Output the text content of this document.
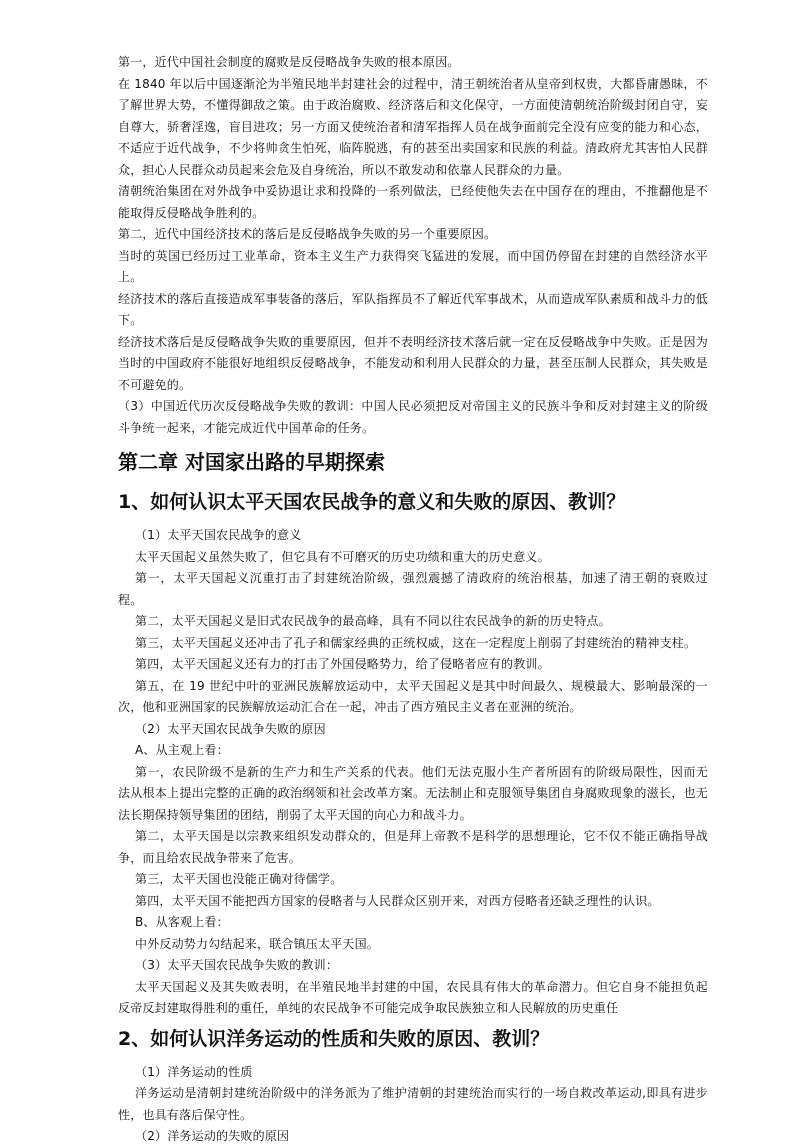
第一，近代中国社会制度的腐败是反侵略战争失败的根本原因。

在 1840 年以后中国逐渐沦为半殖民地半封建社会的过程中，清王朝统治者从皇帝到权贵，大都昏庸愚昧，不了解世界大势，不懂得御敌之策。由于政治腐败、经济落后和文化保守，一方面使清朝统治阶级封闭自守，妄自尊大，骄奢淫逸，盲目进攻；另一方面又使统治者和清军指挥人员在战争面前完全没有应变的能力和心态，不适应于近代战争，不少将帅贪生怕死，临阵脱逃，有的甚至出卖国家和民族的利益。清政府尤其害怕人民群众，担心人民群众动员起来会危及自身统治，所以不敢发动和依靠人民群众的力量。

清朝统治集团在对外战争中妥协退让求和投降的一系列做法，已经使他失去在中国存在的理由，不推翻他是不能取得反侵略战争胜利的。

第二，近代中国经济技术的落后是反侵略战争失败的另一个重要原因。

当时的英国已经历过工业革命，资本主义生产力获得突飞猛进的发展，而中国仍停留在封建的自然经济水平上。

经济技术的落后直接造成军事装备的落后，军队指挥员不了解近代军事战术，从而造成军队素质和战斗力的低下。

经济技术落后是反侵略战争失败的重要原因，但并不表明经济技术落后就一定在反侵略战争中失败。正是因为当时的中国政府不能很好地组织反侵略战争，不能发动和利用人民群众的力量，甚至压制人民群众，其失败是不可避免的。

（3）中国近代历次反侵略战争失败的教训：中国人民必须把反对帝国主义的民族斗争和反对封建主义的阶级斗争统一起来，才能完成近代中国革命的任务。

第二章 对国家出路的早期探索
1、如何认识太平天国农民战争的意义和失败的原因、教训？

（1）太平天国农民战争的意义

太平天国起义虽然失败了，但它具有不可磨灭的历史功绩和重大的历史意义。

第一，太平天国起义沉重打击了封建统治阶级，强烈震撼了清政府的统治根基，加速了清王朝的衰败过程。

第二，太平天国起义是旧式农民战争的最高峰，具有不同以往农民战争的新的历史特点。

第三，太平天国起义还冲击了孔子和儒家经典的正统权威，这在一定程度上削弱了封建统治的精神支柱。

第四，太平天国起义还有力的打击了外国侵略势力，给了侵略者应有的教训。

第五，在 19 世纪中叶的亚洲民族解放运动中，太平天国起义是其中时间最久、规模最大、影响最深的一次，他和亚洲国家的民族解放运动汇合在一起，冲击了西方殖民主义者在亚洲的统治。

（2）太平天国农民战争失败的原因

A、从主观上看：

第一，农民阶级不是新的生产力和生产关系的代表。他们无法克服小生产者所固有的阶级局限性，因而无法从根本上提出完整的正确的政治纲领和社会改革方案。无法制止和克服领导集团自身腐败现象的滋长，也无法长期保持领导集团的团结，削弱了太平天国的向心力和战斗力。

第二，太平天国是以宗教来组织发动群众的，但是拜上帝教不是科学的思想理论，它不仅不能正确指导战争，而且给农民战争带来了危害。

第三，太平天国也没能正确对待儒学。

第四，太平天国不能把西方国家的侵略者与人民群众区别开来，对西方侵略者还缺乏理性的认识。

B、从客观上看：

中外反动势力勾结起来，联合镇压太平天国。

（3）太平天国农民战争失败的教训：

太平天国起义及其失败表明，在半殖民地半封建的中国，农民具有伟大的革命潜力。但它自身不能担负起反帝反封建取得胜利的重任，单纯的农民战争不可能完成争取民族独立和人民解放的历史重任

2、如何认识洋务运动的性质和失败的原因、教训？

（1）洋务运动的性质

洋务运动是清朝封建统治阶级中的洋务派为了维护清朝的封建统治而实行的一场自救改革运动,即具有进步性，也具有落后保守性。

（2）洋务运动的失败的原因
